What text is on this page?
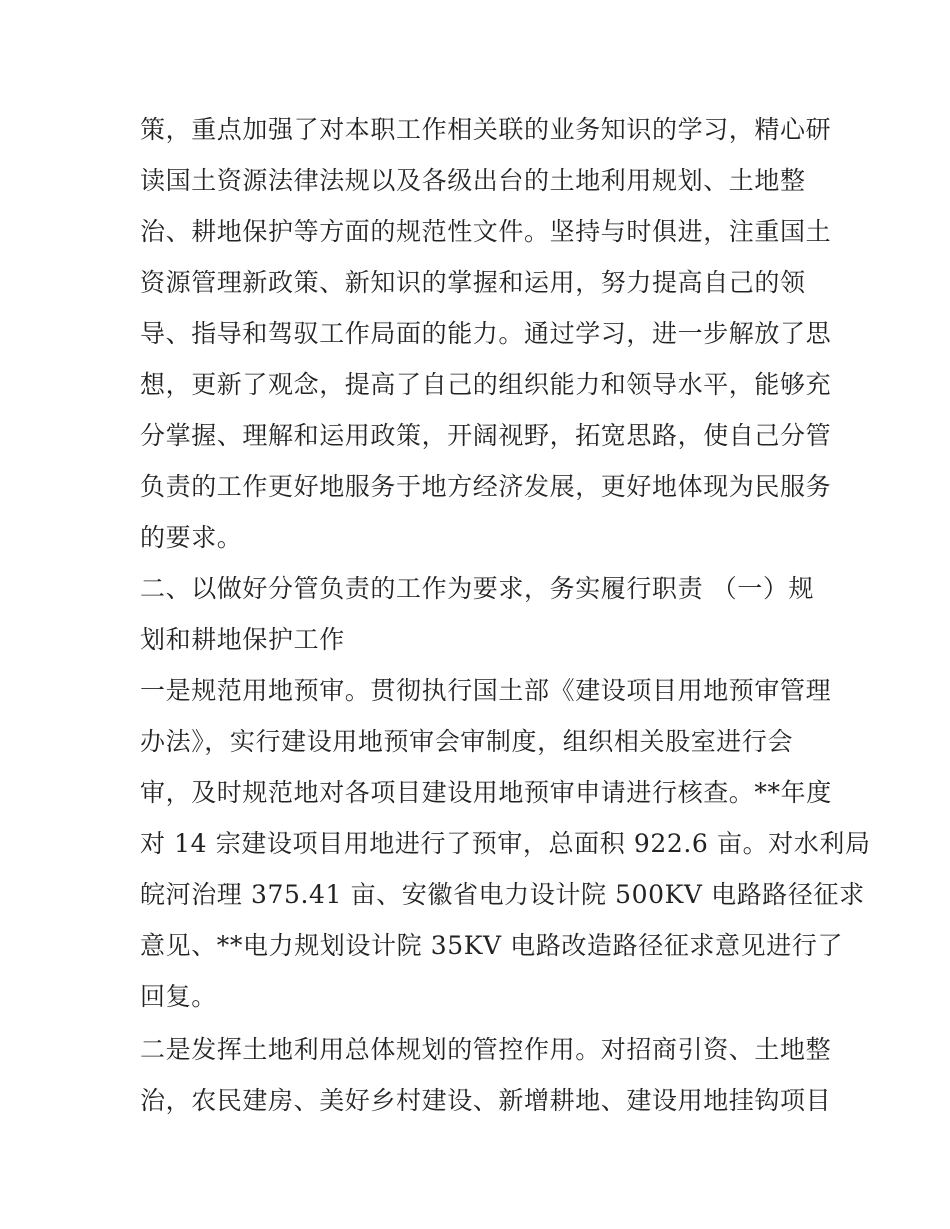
策，重点加强了对本职工作相关联的业务知识的学习，精心研
读国土资源法律法规以及各级出台的土地利用规划、土地整
治、耕地保护等方面的规范性文件。坚持与时俱进，注重国土
资源管理新政策、新知识的掌握和运用，努力提高自己的领
导、指导和驾驭工作局面的能力。通过学习，进一步解放了思
想，更新了观念，提高了自己的组织能力和领导水平，能够充
分掌握、理解和运用政策，开阔视野，拓宽思路，使自己分管
负责的工作更好地服务于地方经济发展，更好地体现为民服务
的要求。
二、以做好分管负责的工作为要求，务实履行职责 （一）规
划和耕地保护工作
一是规范用地预审。贯彻执行国土部《建设项目用地预审管理
办法》，实行建设用地预审会审制度，组织相关股室进行会
审，及时规范地对各项目建设用地预审申请进行核查。**年度
对 14 宗建设项目用地进行了预审，总面积 922.6 亩。对水利局
皖河治理 375.41 亩、安徽省电力设计院 500KV 电路路径征求
意见、**电力规划设计院 35KV 电路改造路径征求意见进行了
回复。
二是发挥土地利用总体规划的管控作用。对招商引资、土地整
治，农民建房、美好乡村建设、新增耕地、建设用地挂钩项目
